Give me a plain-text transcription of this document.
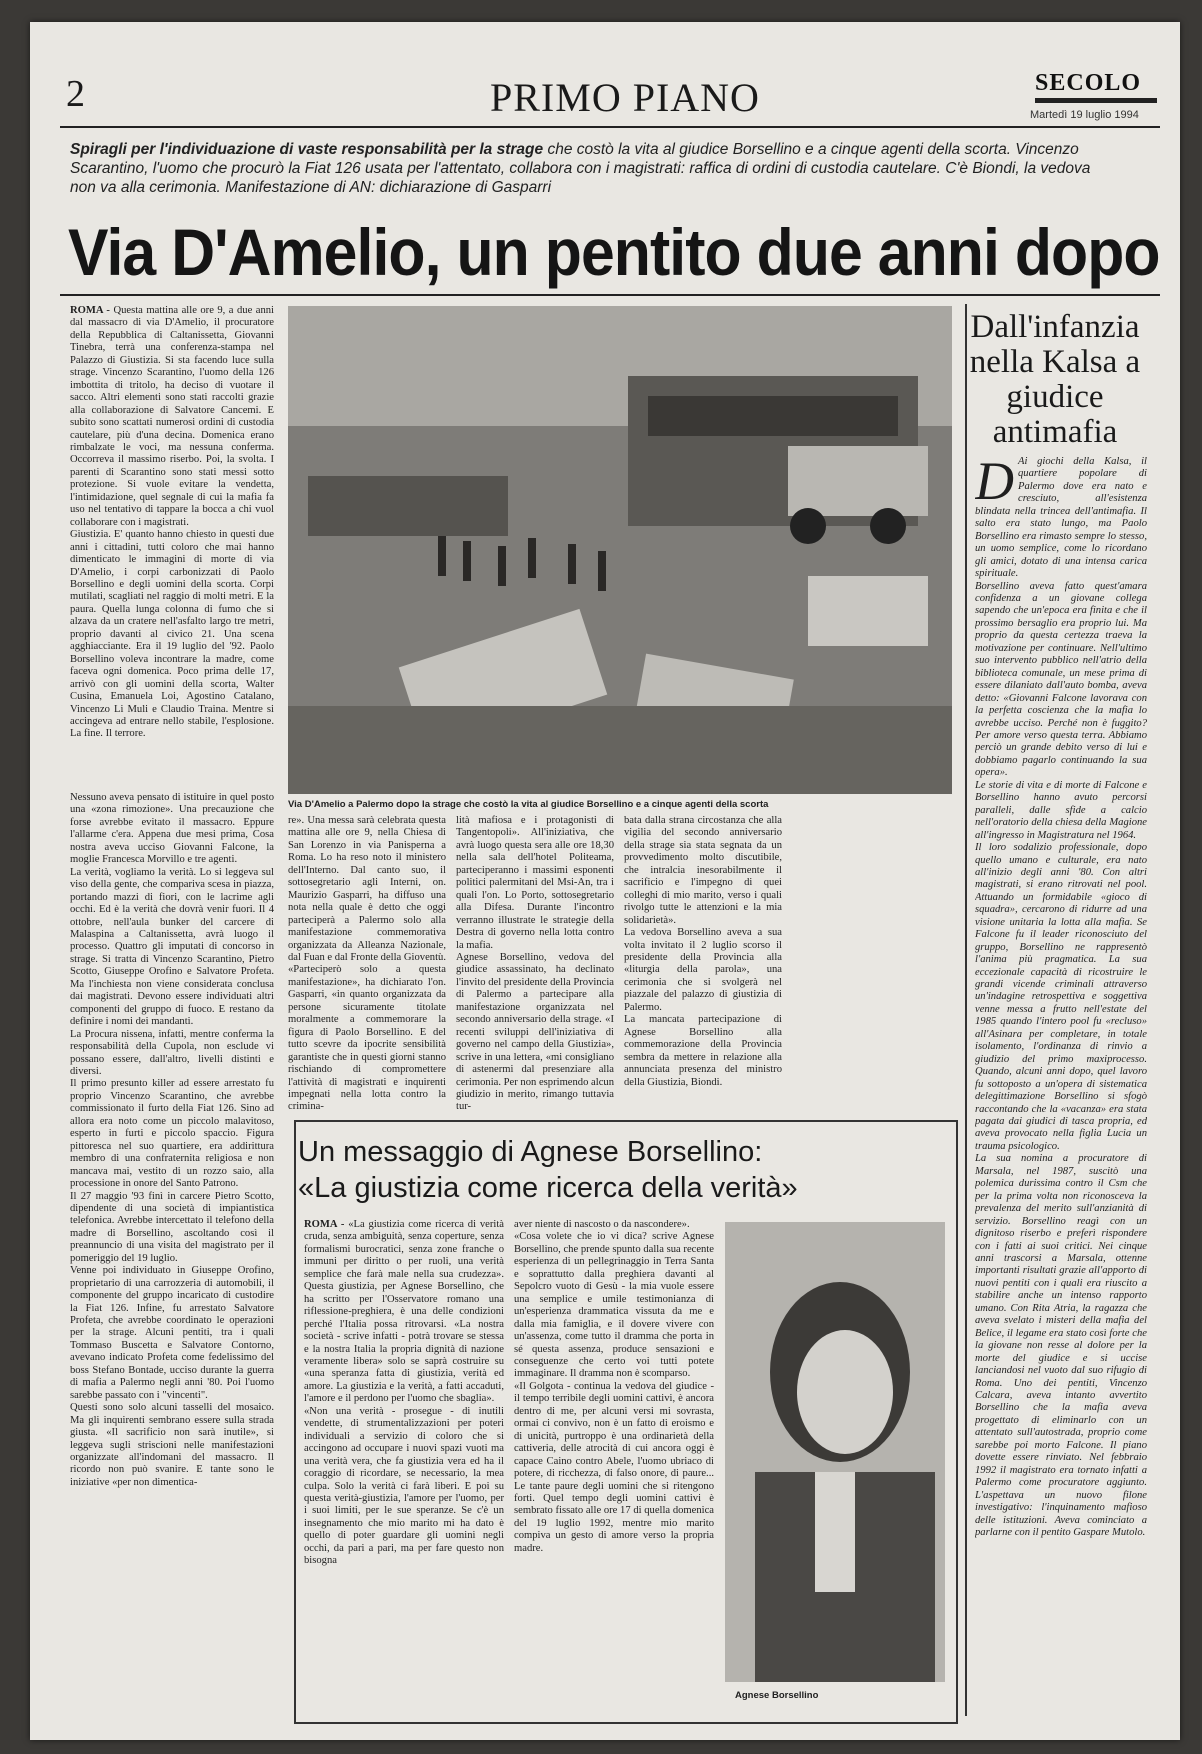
2	PRIMO PIANO	SECOLO
Martedì 19 luglio 1994
Spiragli per l'individuazione di vaste responsabilità per la strage che costò la vita al giudice Borsellino e a cinque agenti della scorta. Vincenzo Scarantino, l'uomo che procurò la Fiat 126 usata per l'attentato, collabora con i magistrati: raffica di ordini di custodia cautelare. C'è Biondi, la vedova non va alla cerimonia. Manifestazione di AN: dichiarazione di Gasparri
Via D'Amelio, un pentito due anni dopo
ROMA - Questa mattina alle ore 9, a due anni dal massacro di via D'Amelio, il procuratore della Repubblica di Caltanissetta, Giovanni Tinebra, terrà una conferenza-stampa nel Palazzo di Giustizia. Si sta facendo luce sulla strage. Vincenzo Scarantino, l'uomo della 126 imbottita di tritolo, ha deciso di vuotare il sacco. Altri elementi sono stati raccolti grazie alla collaborazione di Salvatore Cancemi. E subito sono scattati numerosi ordini di custodia cautelare, più d'una decina. Domenica erano rimbalzate le voci, ma nessuna conferma. Occorreva il massimo riserbo. Poi, la svolta. I parenti di Scarantino sono stati messi sotto protezione. Si vuole evitare la vendetta, l'intimidazione, quel segnale di cui la mafia fa uso nel tentativo di tappare la bocca a chi vuol collaborare con i magistrati.
Giustizia. E' quanto hanno chiesto in questi due anni i cittadini, tutti coloro che mai hanno dimenticato le immagini di morte di via D'Amelio, i corpi carbonizzati di Paolo Borsellino e degli uomini della scorta. Corpi mutilati, scagliati nel raggio di molti metri. E la paura. Quella lunga colonna di fumo che si alzava da un cratere nell'asfalto largo tre metri, proprio davanti al civico 21. Una scena agghiacciante. Era il 19 luglio del '92. Paolo Borsellino voleva incontrare la madre, come faceva ogni domenica. Poco prima delle 17, arrivò con gli uomini della scorta, Walter Cusina, Emanuela Loi, Agostino Catalano, Vincenzo Li Muli e Claudio Traina. Mentre si accingeva ad entrare nello stabile, l'esplosione. La fine. Il terrore.
Nessuno aveva pensato di istituire in quel posto una «zona rimozione». Una precauzione che forse avrebbe evitato il massacro. Eppure l'allarme c'era. Appena due mesi prima, Cosa nostra aveva ucciso Giovanni Falcone, la moglie Francesca Morvillo e tre agenti.
La verità, vogliamo la verità. Lo si leggeva sul viso della gente, che compariva scesa in piazza, portando mazzi di fiori, con le lacrime agli occhi. Ed è la verità che dovrà venir fuori. Il 4 ottobre, nell'aula bunker del carcere di Malaspina a Caltanissetta, avrà luogo il processo. Quattro gli imputati di concorso in strage. Si tratta di Vincenzo Scarantino, Pietro Scotto, Giuseppe Orofino e Salvatore Profeta. Ma l'inchiesta non viene considerata conclusa dai magistrati. Devono essere individuati altri componenti del gruppo di fuoco. E restano da definire i nomi dei mandanti.
La Procura nissena, infatti, mentre conferma la responsabilità della Cupola, non esclude vi possano essere, dall'altro, livelli distinti e diversi.
Il primo presunto killer ad essere arrestato fu proprio Vincenzo Scarantino, che avrebbe commissionato il furto della Fiat 126. Sino ad allora era noto come un piccolo malavitoso, esperto in furti e piccolo spaccio. Figura pittoresca nel suo quartiere, era addirittura membro di una confraternita religiosa e non mancava mai, vestito di un rozzo saio, alla processione in onore del Santo Patrono.
Il 27 maggio '93 finì in carcere Pietro Scotto, dipendente di una società di impiantistica telefonica. Avrebbe intercettato il telefono della madre di Borsellino, ascoltando così il preannuncio di una visita del magistrato per il pomeriggio del 19 luglio.
Venne poi individuato in Giuseppe Orofino, proprietario di una carrozzeria di automobili, il componente del gruppo incaricato di custodire la Fiat 126. Infine, fu arrestato Salvatore Profeta, che avrebbe coordinato le operazioni per la strage. Alcuni pentiti, tra i quali Tommaso Buscetta e Salvatore Contorno, avevano indicato Profeta come fedelissimo del boss Stefano Bontade, ucciso durante la guerra di mafia a Palermo negli anni '80. Poi l'uomo sarebbe passato con i "vincenti".
Questi sono solo alcuni tasselli del mosaico. Ma gli inquirenti sembrano essere sulla strada giusta. «Il sacrificio non sarà inutile», si leggeva sugli striscioni nelle manifestazioni organizzate all'indomani del massacro. Il ricordo non può svanire. E tante sono le iniziative «per non dimentica-
Via D'Amelio a Palermo dopo la strage che costò la vita al giudice Borsellino e a cinque agenti della scorta
re». Una messa sarà celebrata questa mattina alle ore 9, nella Chiesa di San Lorenzo in via Panisperna a Roma. Lo ha reso noto il ministero dell'Interno. Dal canto suo, il sottosegretario agli Interni, on. Maurizio Gasparri, ha diffuso una nota nella quale è detto che oggi parteciperà a Palermo solo alla manifestazione commemorativa organizzata da Alleanza Nazionale, dal Fuan e dal Fronte della Gioventù. «Parteciperò solo a questa manifestazione», ha dichiarato l'on. Gasparri, «in quanto organizzata da persone sicuramente titolate moralmente a commemorare la figura di Paolo Borsellino. E del tutto scevre da ipocrite sensibilità garantiste che in questi giorni stanno rischiando di compromettere l'attività di magistrati e inquirenti impegnati nella lotta contro la crimina-
lità mafiosa e i protagonisti di Tangentopoli». All'iniziativa, che avrà luogo questa sera alle ore 18,30 nella sala dell'hotel Politeama, parteciperanno i massimi esponenti politici palermitani del Msi-An, tra i quali l'on. Lo Porto, sottosegretario alla Difesa. Durante l'incontro verranno illustrate le strategie della Destra di governo nella lotta contro la mafia.
Agnese Borsellino, vedova del giudice assassinato, ha declinato l'invito del presidente della Provincia di Palermo a partecipare alla manifestazione organizzata nel secondo anniversario della strage. «I recenti sviluppi dell'iniziativa di governo nel campo della Giustizia», scrive in una lettera, «mi consigliano di astenermi dal presenziare alla cerimonia. Per non esprimendo alcun giudizio in merito, rimango tuttavia tur-
bata dalla strana circostanza che alla vigilia del secondo anniversario della strage sia stata segnata da un provvedimento molto discutibile, che intralcia inesorabilmente il sacrificio e l'impegno di quei colleghi di mio marito, verso i quali rivolgo tutte le attenzioni e la mia solidarietà».
La vedova Borsellino aveva a sua volta invitato il 2 luglio scorso il presidente della Provincia alla «liturgia della parola», una cerimonia che si svolgerà nel piazzale del palazzo di giustizia di Palermo.
La mancata partecipazione di Agnese Borsellino alla commemorazione della Provincia sembra da mettere in relazione alla annunciata presenza del ministro della Giustizia, Biondi.
Dall'infanzia nella Kalsa a giudice antimafia
D Ai giochi della Kalsa, il quartiere popolare di Palermo dove era nato e cresciuto, all'esistenza blindata nella trincea dell'antimafia. Il salto era stato lungo, ma Paolo Borsellino era rimasto sempre lo stesso, un uomo semplice, come lo ricordano gli amici, dotato di una intensa carica spirituale.
Borsellino aveva fatto quest'amara confidenza a un giovane collega sapendo che un'epoca era finita e che il prossimo bersaglio era proprio lui. Ma proprio da questa certezza traeva la motivazione per continuare. Nell'ultimo suo intervento pubblico nell'atrio della biblioteca comunale, un mese prima di essere dilaniato dall'auto bomba, aveva detto: «Giovanni Falcone lavorava con la perfetta coscienza che la mafia lo avrebbe ucciso. Perché non è fuggito? Per amore verso questa terra. Abbiamo perciò un grande debito verso di lui e dobbiamo pagarlo continuando la sua opera».
Le storie di vita e di morte di Falcone e Borsellino hanno avuto percorsi paralleli, dalle sfide a calcio nell'oratorio della chiesa della Magione all'ingresso in Magistratura nel 1964.
Il loro sodalizio professionale, dopo quello umano e culturale, era nato all'inizio degli anni '80. Con altri magistrati, si erano ritrovati nel pool. Attuando un formidabile «gioco di squadra», cercarono di ridurre ad una visione unitaria la lotta alla mafia. Se Falcone fu il leader riconosciuto del gruppo, Borsellino ne rappresentò l'anima più pragmatica. La sua eccezionale capacità di ricostruire le grandi vicende criminali attraverso un'indagine retrospettiva e soggettiva venne messa a frutto nell'estate del 1985 quando l'intero pool fu «recluso» all'Asinara per completare, in totale isolamento, l'ordinanza di rinvio a giudizio del primo maxiprocesso. Quando, alcuni anni dopo, quel lavoro fu sottoposto a un'opera di sistematica delegittimazione Borsellino si sfogò raccontando che la «vacanza» era stata pagata dai giudici di tasca propria, ed aveva provocato nella figlia Lucia un trauma psicologico.
La sua nomina a procuratore di Marsala, nel 1987, suscitò una polemica durissima contro il Csm che per la prima volta non riconosceva la prevalenza del merito sull'anzianità di servizio. Borsellino reagì con un dignitoso riserbo e preferì rispondere con i fatti ai suoi critici. Nei cinque anni trascorsi a Marsala, ottenne importanti risultati grazie all'apporto di nuovi pentiti con i quali era riuscito a stabilire anche un intenso rapporto umano. Con Rita Atria, la ragazza che aveva svelato i misteri della mafia del Belice, il legame era stato così forte che la giovane non resse al dolore per la morte del giudice e si uccise lanciandosi nel vuoto dal suo rifugio di Roma. Uno dei pentiti, Vincenzo Calcara, aveva intanto avvertito Borsellino che la mafia aveva progettato di eliminarlo con un attentato sull'autostrada, proprio come sarebbe poi morto Falcone. Il piano dovette essere rinviato. Nel febbraio 1992 il magistrato era tornato infatti a Palermo come procuratore aggiunto. L'aspettava un nuovo filone investigativo: l'inquinamento mafioso delle istituzioni. Aveva cominciato a parlarne con il pentito Gaspare Mutolo.
Un messaggio di Agnese Borsellino:
«La giustizia come ricerca della verità»
ROMA - «La giustizia come ricerca di verità cruda, senza ambiguità, senza coperture, senza formalismi burocratici, senza zone franche o immuni per diritto o per ruoli, una verità semplice che farà male nella sua crudezza». Questa giustizia, per Agnese Borsellino, che ha scritto per l'Osservatore romano una riflessione-preghiera, è una delle condizioni perché l'Italia possa ritrovarsi. «La nostra società - scrive infatti - potrà trovare se stessa e la nostra Italia la propria dignità di nazione veramente libera» solo se saprà costruire su «una speranza fatta di giustizia, verità ed amore. La giustizia e la verità, a fatti accaduti, l'amore e il perdono per l'uomo che sbaglia».
«Non una verità - prosegue - di inutili vendette, di strumentalizzazioni per poteri individuali a servizio di coloro che si accingono ad occupare i nuovi spazi vuoti ma una verità vera, che fa giustizia vera ed ha il coraggio di ricordare, se necessario, la mea culpa. Solo la verità ci farà liberi. E poi su questa verità-giustizia, l'amore per l'uomo, per i suoi limiti, per le sue speranze. Se c'è un insegnamento che mio marito mi ha dato è quello di poter guardare gli uomini negli occhi, da pari a pari, ma per fare questo non bisogna
aver niente di nascosto o da nascondere».
«Cosa volete che io vi dica? scrive Agnese Borsellino, che prende spunto dalla sua recente esperienza di un pellegrinaggio in Terra Santa e soprattutto dalla preghiera davanti al Sepolcro vuoto di Gesù - la mia vuole essere una semplice e umile testimonianza di un'esperienza drammatica vissuta da me e dalla mia famiglia, e il dovere vivere con un'assenza, come tutto il dramma che porta in sé questa assenza, produce sensazioni e conseguenze che certo voi tutti potete immaginare. Il dramma non è scomparso.
«Il Golgota - continua la vedova del giudice - il tempo terribile degli uomini cattivi, è ancora dentro di me, per alcuni versi mi sovrasta, ormai ci convivo, non è un fatto di eroismo e di unicità, purtroppo è una ordinarietà della cattiveria, delle atrocità di cui ancora oggi è capace Caino contro Abele, l'uomo ubriaco di potere, di ricchezza, di falso onore, di paure... Le tante paure degli uomini che si ritengono forti. Quel tempo degli uomini cattivi è sembrato fissato alle ore 17 di quella domenica del 19 luglio 1992, mentre mio marito compiva un gesto di amore verso la propria madre.
Agnese Borsellino
